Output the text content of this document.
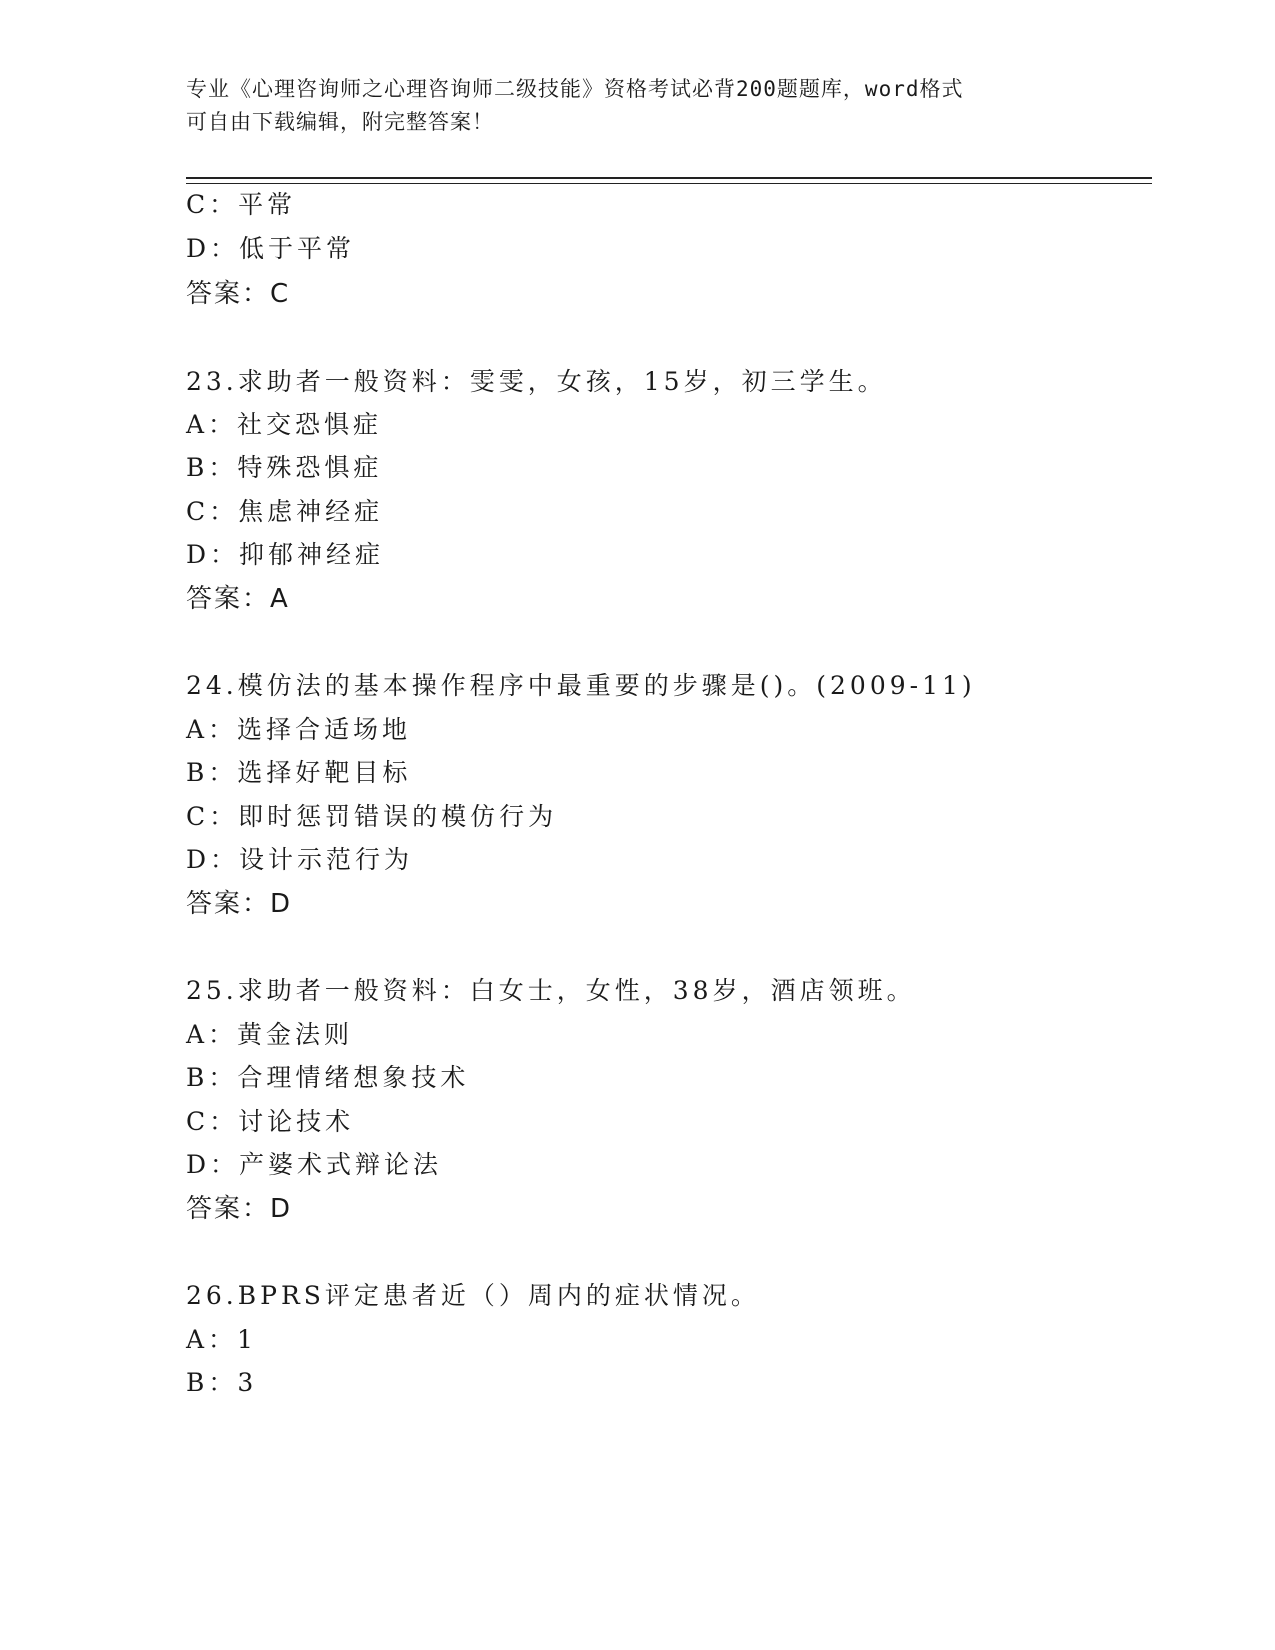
专业《心理咨询师之心理咨询师二级技能》资格考试必背200题题库，word格式
可自由下载编辑，附完整答案！
C：平常
D：低于平常
答案：C
23.求助者一般资料：雯雯，女孩，15岁，初三学生。
A：社交恐惧症
B：特殊恐惧症
C：焦虑神经症
D：抑郁神经症
答案：A
24.模仿法的基本操作程序中最重要的步骤是()。(2009-11)
A：选择合适场地
B：选择好靶目标
C：即时惩罚错误的模仿行为
D：设计示范行为
答案：D
25.求助者一般资料：白女士，女性，38岁，酒店领班。
A：黄金法则
B：合理情绪想象技术
C：讨论技术
D：产婆术式辩论法
答案：D
26.BPRS评定患者近（）周内的症状情况。
A：1
B：3
